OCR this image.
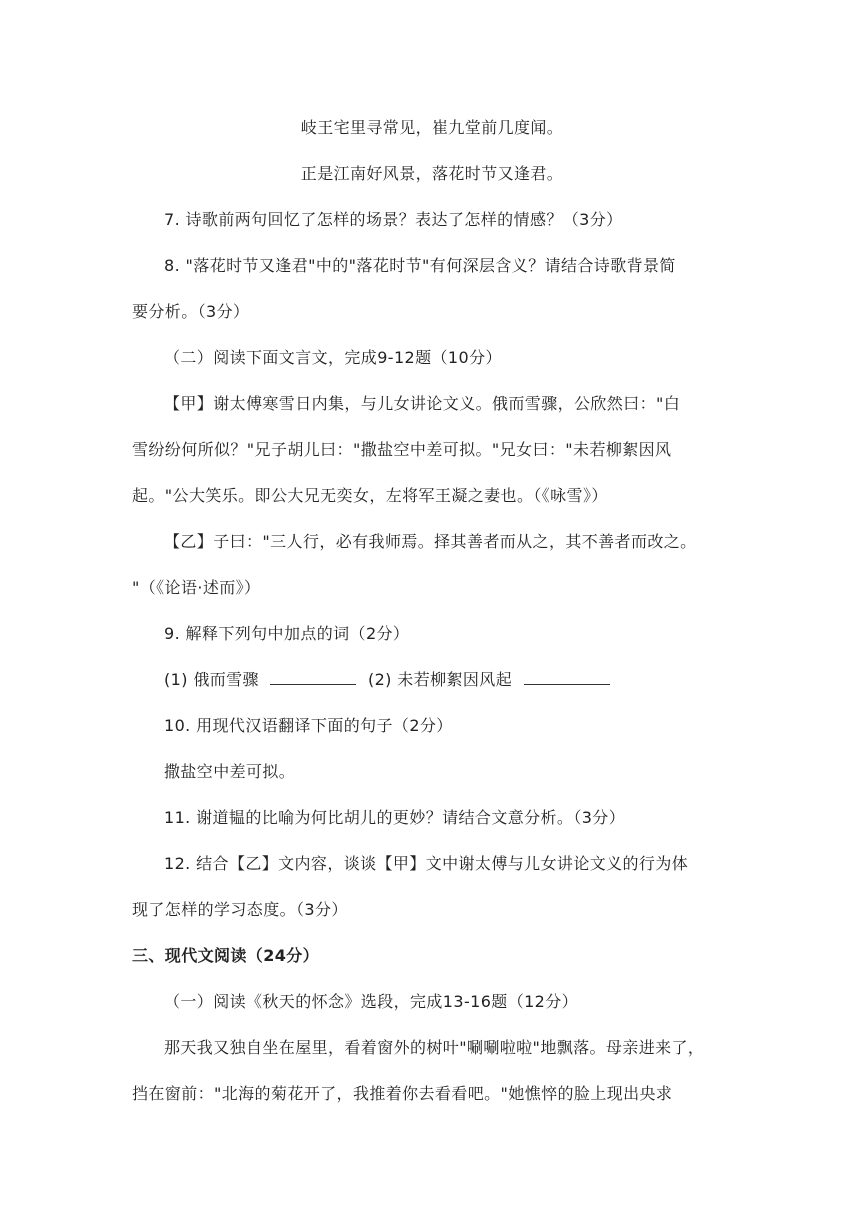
岐王宅里寻常见，崔九堂前几度闻。
正是江南好风景，落花时节又逢君。
7. 诗歌前两句回忆了怎样的场景？表达了怎样的情感？（3分）
8. "落花时节又逢君"中的"落花时节"有何深层含义？请结合诗歌背景简
要分析。（3分）
（二）阅读下面文言文，完成9-12题（10分）
【甲】谢太傅寒雪日内集，与儿女讲论文义。俄而雪骤，公欣然曰："白
雪纷纷何所似？"兄子胡儿曰："撒盐空中差可拟。"兄女曰："未若柳絮因风
起。"公大笑乐。即公大兄无奕女，左将军王凝之妻也。（《咏雪》）
【乙】子曰："三人行，必有我师焉。择其善者而从之，其不善者而改之。
"（《论语·述而》）
9. 解释下列句中加点的词（2分）
(1) 俄而雪骤	(2) 未若柳絮因风起
10. 用现代汉语翻译下面的句子（2分）
撒盐空中差可拟。
11. 谢道韫的比喻为何比胡儿的更妙？请结合文意分析。（3分）
12. 结合【乙】文内容，谈谈【甲】文中谢太傅与儿女讲论文义的行为体
现了怎样的学习态度。（3分）
三、现代文阅读（24分）
（一）阅读《秋天的怀念》选段，完成13-16题（12分）
那天我又独自坐在屋里，看着窗外的树叶"唰唰啦啦"地飘落。母亲进来了，
挡在窗前："北海的菊花开了，我推着你去看看吧。"她憔悴的脸上现出央求
